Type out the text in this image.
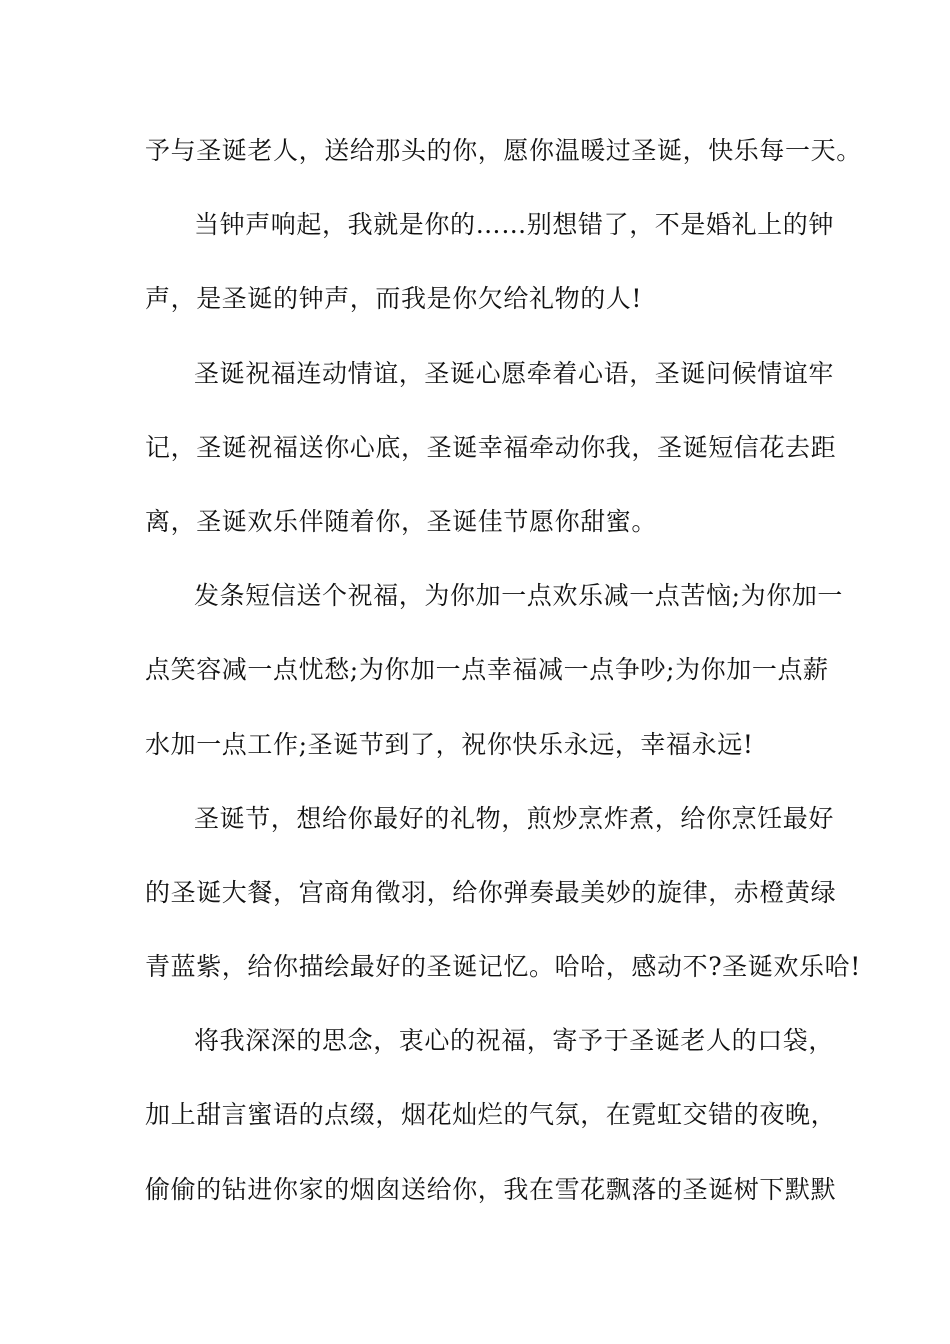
予与圣诞老人，送给那头的你，愿你温暖过圣诞，快乐每一天。
当钟声响起，我就是你的……别想错了，不是婚礼上的钟
声，是圣诞的钟声，而我是你欠给礼物的人!
圣诞祝福连动情谊，圣诞心愿牵着心语，圣诞问候情谊牢
记，圣诞祝福送你心底，圣诞幸福牵动你我，圣诞短信花去距
离，圣诞欢乐伴随着你，圣诞佳节愿你甜蜜。
发条短信送个祝福，为你加一点欢乐减一点苦恼;为你加一
点笑容减一点忧愁;为你加一点幸福减一点争吵;为你加一点薪
水加一点工作;圣诞节到了，祝你快乐永远，幸福永远!
圣诞节，想给你最好的礼物，煎炒烹炸煮，给你烹饪最好
的圣诞大餐，宫商角徵羽，给你弹奏最美妙的旋律，赤橙黄绿
青蓝紫，给你描绘最好的圣诞记忆。哈哈，感动不?圣诞欢乐哈!
将我深深的思念，衷心的祝福，寄予于圣诞老人的口袋，
加上甜言蜜语的点缀，烟花灿烂的气氛，在霓虹交错的夜晚，
偷偷的钻进你家的烟囱送给你，我在雪花飘落的圣诞树下默默
